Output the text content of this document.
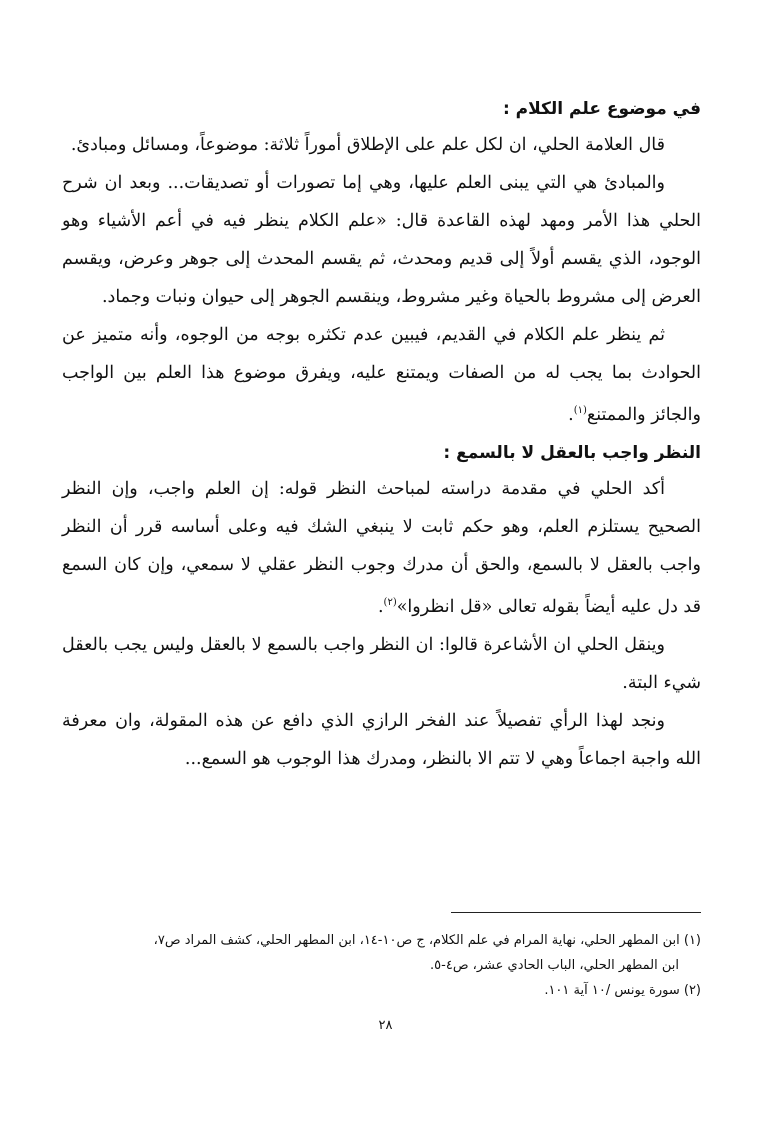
في موضوع علم الكلام :

قال العلامة الحلي، ان لكل علم على الإطلاق أموراً ثلاثة: موضوعاً، ومسائل ومبادئ.

والمبادئ هي التي يبنى العلم عليها، وهي إما تصورات أو تصديقات... وبعد ان شرح الحلي هذا الأمر ومهد لهذه القاعدة قال: «علم الكلام ينظر فيه في أعم الأشياء وهو الوجود، الذي يقسم أولاً إلى قديم ومحدث، ثم يقسم المحدث إلى جوهر وعرض، ويقسم العرض إلى مشروط بالحياة وغير مشروط، وينقسم الجوهر إلى حيوان ونبات وجماد.

ثم ينظر علم الكلام في القديم، فيبين عدم تكثره بوجه من الوجوه، وأنه متميز عن الحوادث بما يجب له من الصفات ويمتنع عليه، ويفرق موضوع هذا العلم بين الواجب والجائز والممتنع$^{(١)}$.

النظر واجب بالعقل لا بالسمع :

أكد الحلي في مقدمة دراسته لمباحث النظر قوله: إن العلم واجب، وإن النظر الصحيح يستلزم العلم، وهو حكم ثابت لا ينبغي الشك فيه وعلى أساسه قرر أن النظر واجب بالعقل لا بالسمع، والحق أن مدرك وجوب النظر عقلي لا سمعي، وإن كان السمع قد دل عليه أيضاً بقوله تعالى «قل انظروا»$^{(٢)}$.

وينقل الحلي ان الأشاعرة قالوا: ان النظر واجب بالسمع لا بالعقل وليس يجب بالعقل شيء البتة.

ونجد لهذا الرأي تفصيلاً عند الفخر الرازي الذي دافع عن هذه المقولة، وان معرفة الله واجبة اجماعاً وهي لا تتم الا بالنظر، ومدرك هذا الوجوب هو السمع...

(١) ابن المطهر الحلي، نهاية المرام في علم الكلام، ج ص١٠-١٤، ابن المطهر الحلي، كشف المراد ص٧،
ابن المطهر الحلي، الباب الحادي عشر، ص٤-٥.

(٢) سورة يونس /١٠ آية ١٠١.

٢٨
